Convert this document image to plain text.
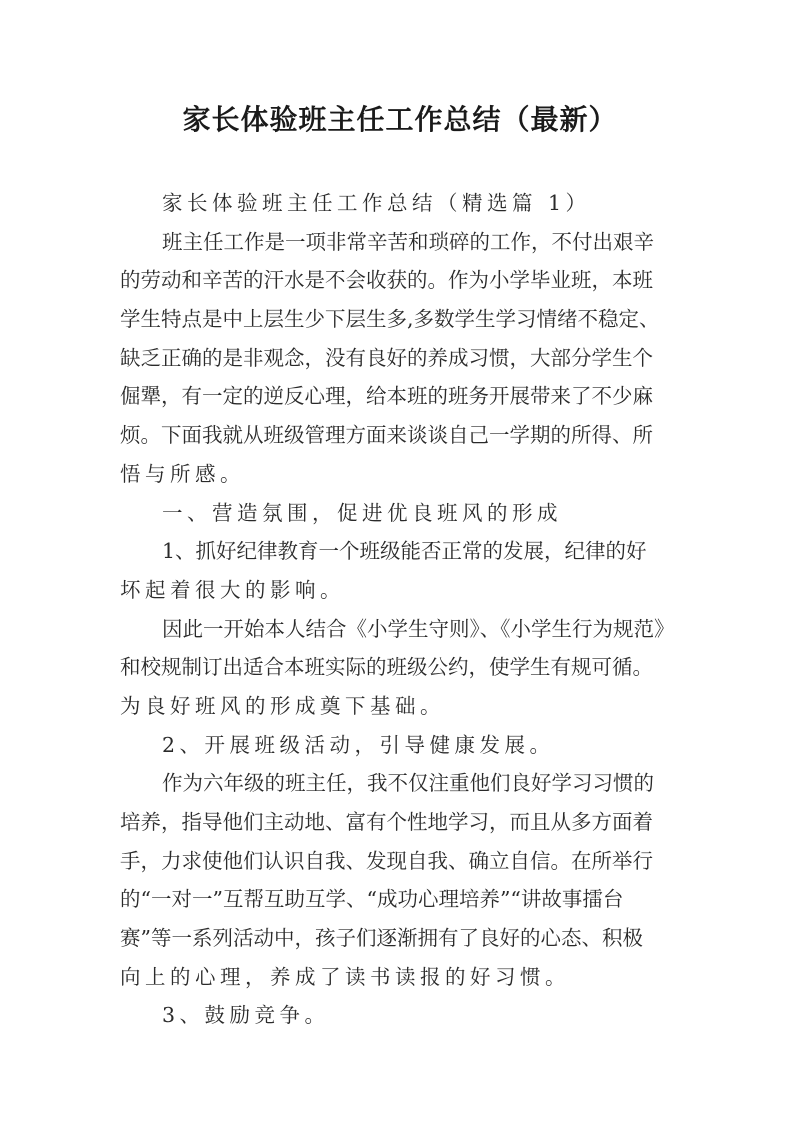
家长体验班主任工作总结（最新）
家长体验班主任工作总结（精选篇 1）
班主任工作是一项非常辛苦和琐碎的工作，不付出艰辛
的劳动和辛苦的汗水是不会收获的。作为小学毕业班，本班
学生特点是中上层生少下层生多,多数学生学习情绪不稳定、
缺乏正确的是非观念，没有良好的养成习惯，大部分学生个
倔犟，有一定的逆反心理，给本班的班务开展带来了不少麻
烦。下面我就从班级管理方面来谈谈自己一学期的所得、所
悟与所感。
一、营造氛围，促进优良班风的形成
1、抓好纪律教育一个班级能否正常的发展，纪律的好
坏起着很大的影响。
因此一开始本人结合《小学生守则》、《小学生行为规范》
和校规制订出适合本班实际的班级公约，使学生有规可循。
为良好班风的形成奠下基础。
2、开展班级活动，引导健康发展。
作为六年级的班主任，我不仅注重他们良好学习习惯的
培养，指导他们主动地、富有个性地学习，而且从多方面着
手，力求使他们认识自我、发现自我、确立自信。在所举行
的“一对一”互帮互助互学、“成功心理培养”“讲故事擂台
赛”等一系列活动中，孩子们逐渐拥有了良好的心态、积极
向上的心理，养成了读书读报的好习惯。
3、鼓励竞争。
